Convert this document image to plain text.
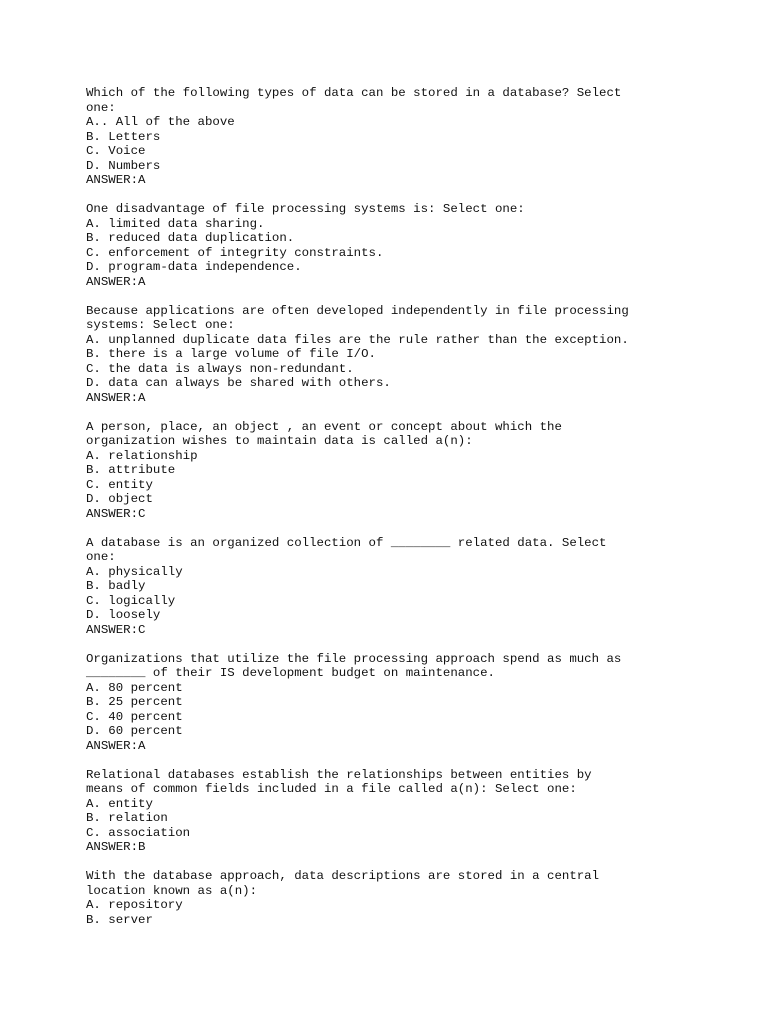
Which of the following types of data can be stored in a database? Select
one:
A.. All of the above
B. Letters
C. Voice
D. Numbers
ANSWER:A
One disadvantage of file processing systems is: Select one:
A. limited data sharing.
B. reduced data duplication.
C. enforcement of integrity constraints.
D. program-data independence.
ANSWER:A
Because applications are often developed independently in file processing
systems: Select one:
A. unplanned duplicate data files are the rule rather than the exception.
B. there is a large volume of file I/O.
C. the data is always non-redundant.
D. data can always be shared with others.
ANSWER:A
A person, place, an object , an event or concept about which the
organization wishes to maintain data is called a(n):
A. relationship
B. attribute
C. entity
D. object
ANSWER:C
A database is an organized collection of ________ related data. Select
one:
A. physically
B. badly
C. logically
D. loosely
ANSWER:C
Organizations that utilize the file processing approach spend as much as
________ of their IS development budget on maintenance.
A. 80 percent
B. 25 percent
C. 40 percent
D. 60 percent
ANSWER:A
Relational databases establish the relationships between entities by
means of common fields included in a file called a(n): Select one:
A. entity
B. relation
C. association
ANSWER:B
With the database approach, data descriptions are stored in a central
location known as a(n):
A. repository
B. server
